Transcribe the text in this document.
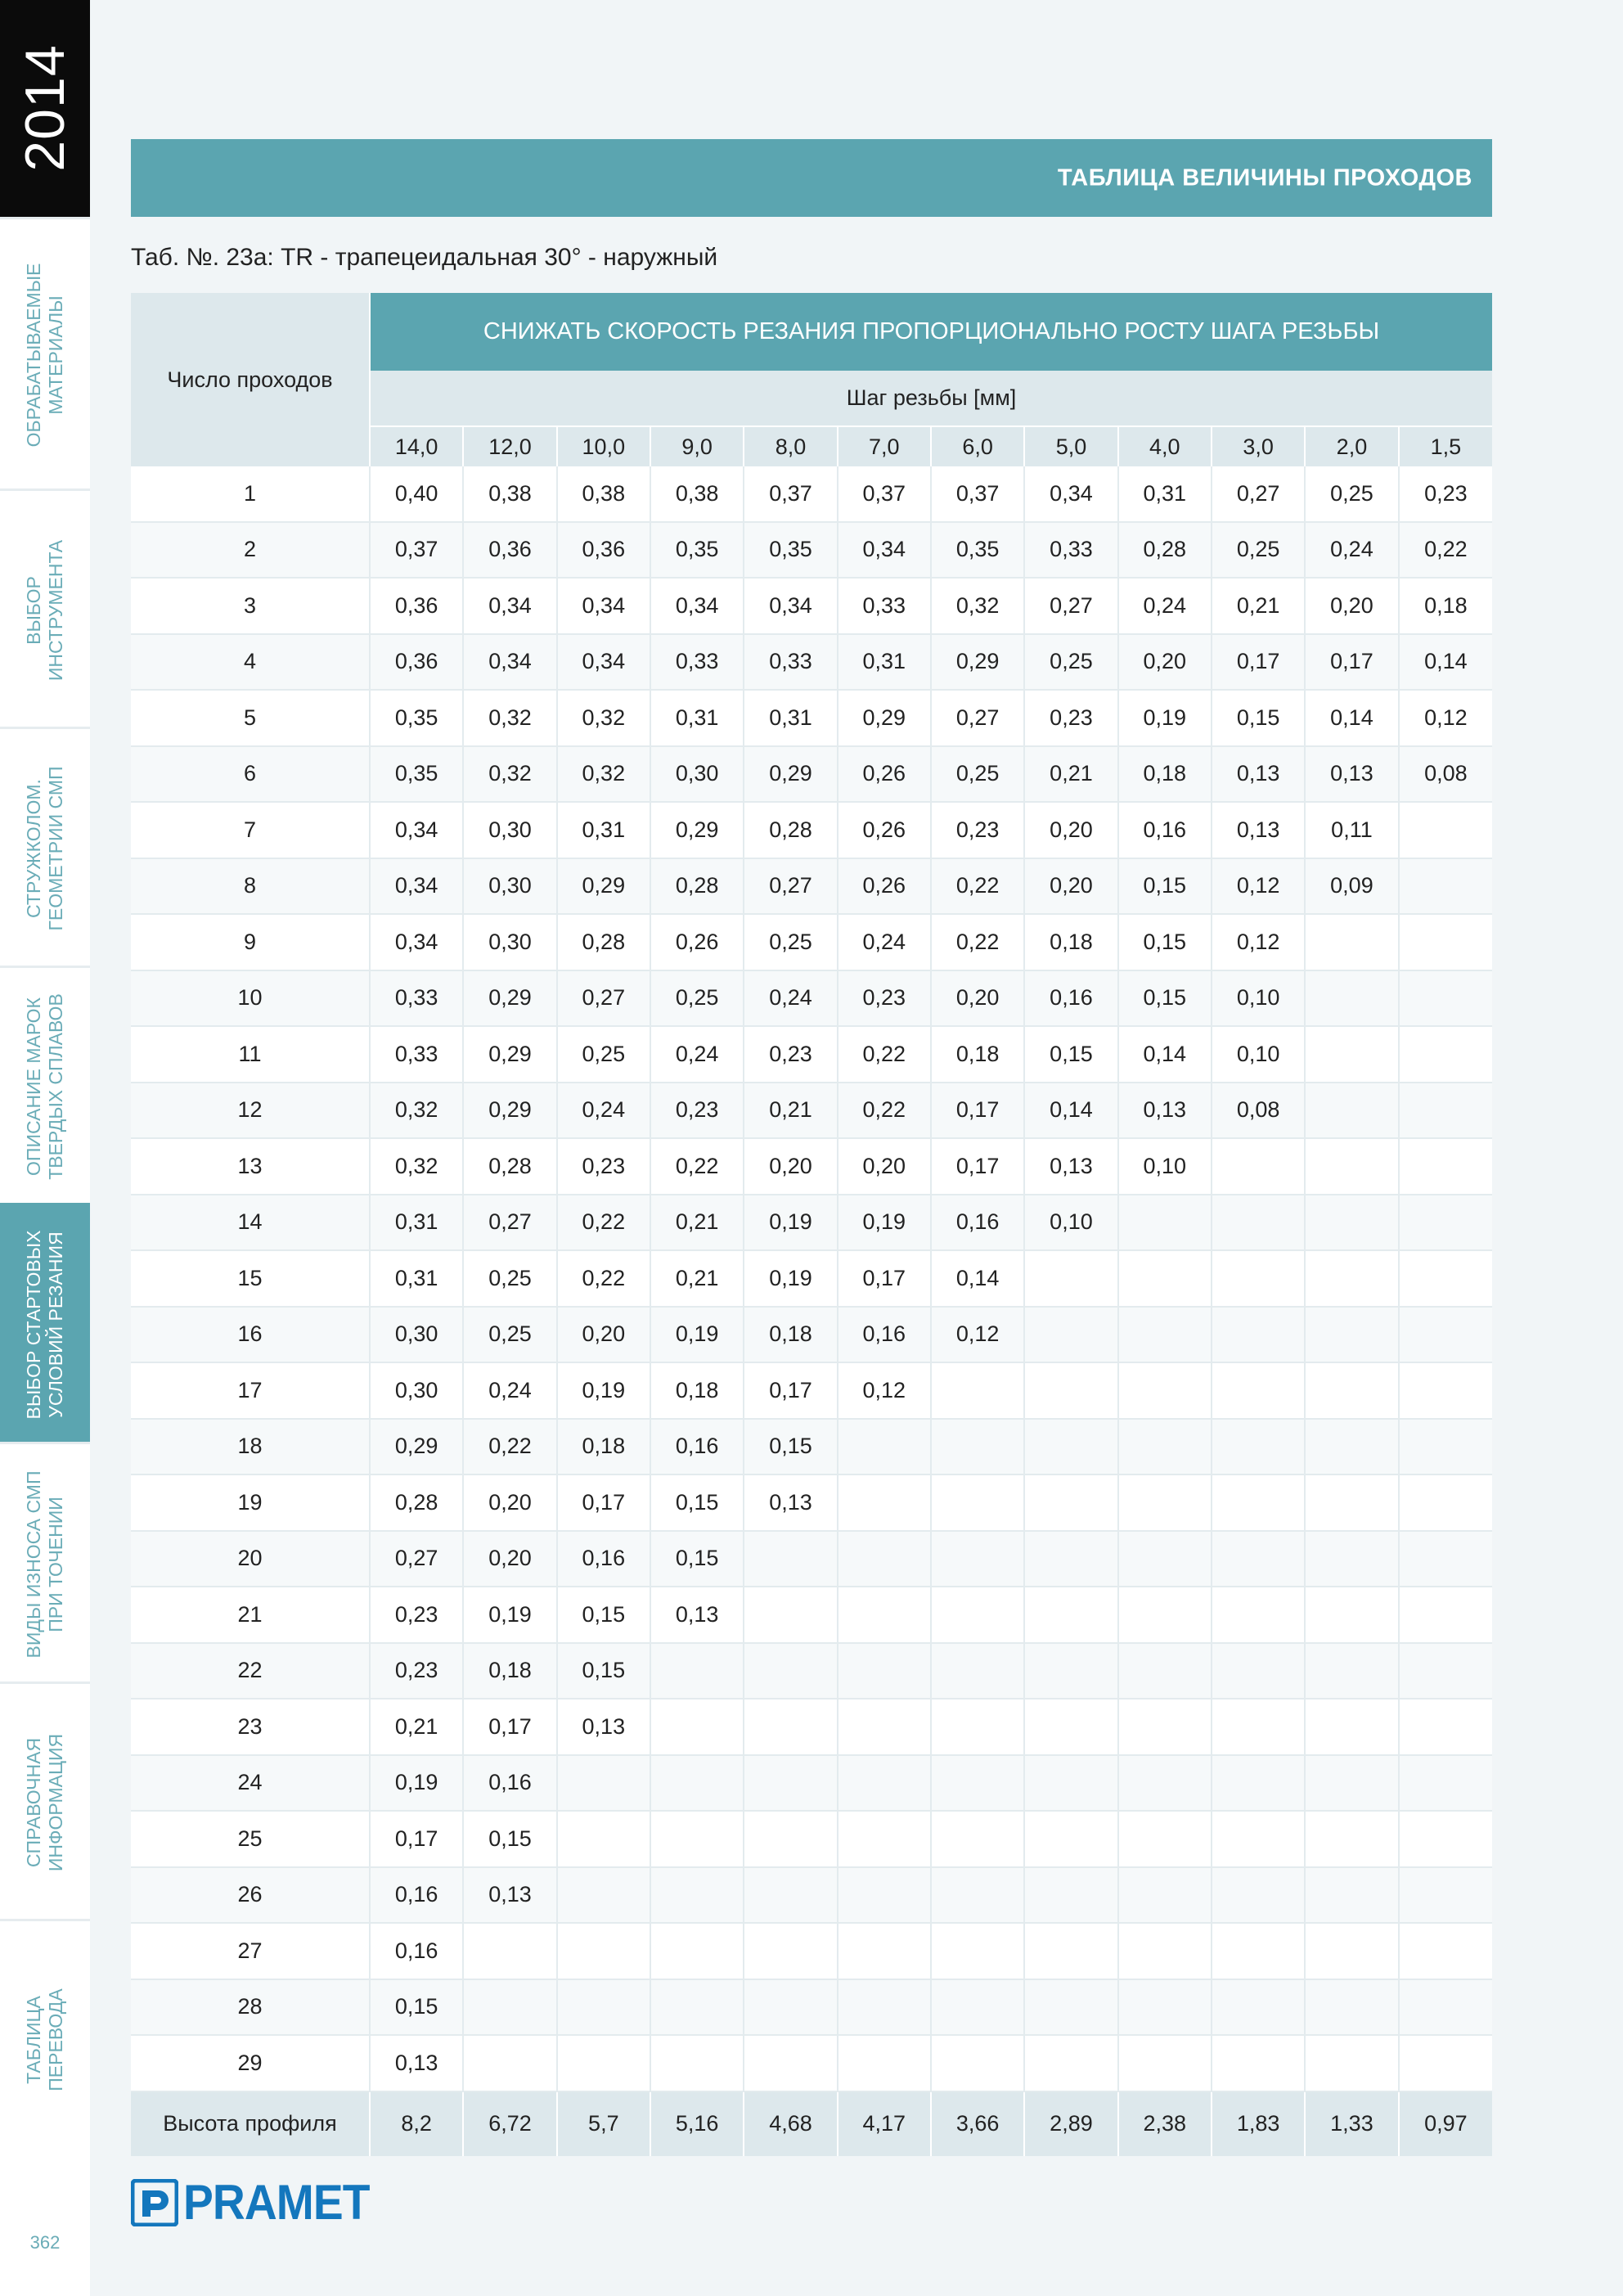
2014
ОБРАБАТЫВАЕМЫЕ МАТЕРИАЛЫ
ВЫБОР ИНСТРУМЕНТА
СТРУЖКОЛОМ. ГЕОМЕТРИИ СМП
ОПИСАНИЕ МАРОК ТВЕРДЫХ СПЛАВОВ
ВЫБОР СТАРТОВЫХ УСЛОВИЙ РЕЗАНИЯ
ВИДЫ ИЗНОСА СМП ПРИ ТОЧЕНИИ
СПРАВОЧНАЯ ИНФОРМАЦИЯ
ТАБЛИЦА ПЕРЕВОДА
362
ТАБЛИЦА ВЕЛИЧИНЫ ПРОХОДОВ
Таб. №. 23а: TR - трапецеидальная 30° - наружный
Число проходов	СНИЖАТЬ СКОРОСТЬ РЕЗАНИЯ ПРОПОРЦИОНАЛЬНО РОСТУ ШАГА РЕЗЬБЫ											
	Шаг резьбы [мм]											
	14,0	12,0	10,0	9,0	8,0	7,0	6,0	5,0	4,0	3,0	2,0	1,5
1	0,40	0,38	0,38	0,38	0,37	0,37	0,37	0,34	0,31	0,27	0,25	0,23
2	0,37	0,36	0,36	0,35	0,35	0,34	0,35	0,33	0,28	0,25	0,24	0,22
3	0,36	0,34	0,34	0,34	0,34	0,33	0,32	0,27	0,24	0,21	0,20	0,18
4	0,36	0,34	0,34	0,33	0,33	0,31	0,29	0,25	0,20	0,17	0,17	0,14
5	0,35	0,32	0,32	0,31	0,31	0,29	0,27	0,23	0,19	0,15	0,14	0,12
6	0,35	0,32	0,32	0,30	0,29	0,26	0,25	0,21	0,18	0,13	0,13	0,08
7	0,34	0,30	0,31	0,29	0,28	0,26	0,23	0,20	0,16	0,13	0,11	
8	0,34	0,30	0,29	0,28	0,27	0,26	0,22	0,20	0,15	0,12	0,09	
9	0,34	0,30	0,28	0,26	0,25	0,24	0,22	0,18	0,15	0,12		
10	0,33	0,29	0,27	0,25	0,24	0,23	0,20	0,16	0,15	0,10		
11	0,33	0,29	0,25	0,24	0,23	0,22	0,18	0,15	0,14	0,10		
12	0,32	0,29	0,24	0,23	0,21	0,22	0,17	0,14	0,13	0,08		
13	0,32	0,28	0,23	0,22	0,20	0,20	0,17	0,13	0,10			
14	0,31	0,27	0,22	0,21	0,19	0,19	0,16	0,10				
15	0,31	0,25	0,22	0,21	0,19	0,17	0,14					
16	0,30	0,25	0,20	0,19	0,18	0,16	0,12					
17	0,30	0,24	0,19	0,18	0,17	0,12						
18	0,29	0,22	0,18	0,16	0,15							
19	0,28	0,20	0,17	0,15	0,13							
20	0,27	0,20	0,16	0,15								
21	0,23	0,19	0,15	0,13								
22	0,23	0,18	0,15									
23	0,21	0,17	0,13									
24	0,19	0,16										
25	0,17	0,15										
26	0,16	0,13										
27	0,16											
28	0,15											
29	0,13											
Высота профиля	8,2	6,72	5,7	5,16	4,68	4,17	3,66	2,89	2,38	1,83	1,33	0,97
PRAMET
